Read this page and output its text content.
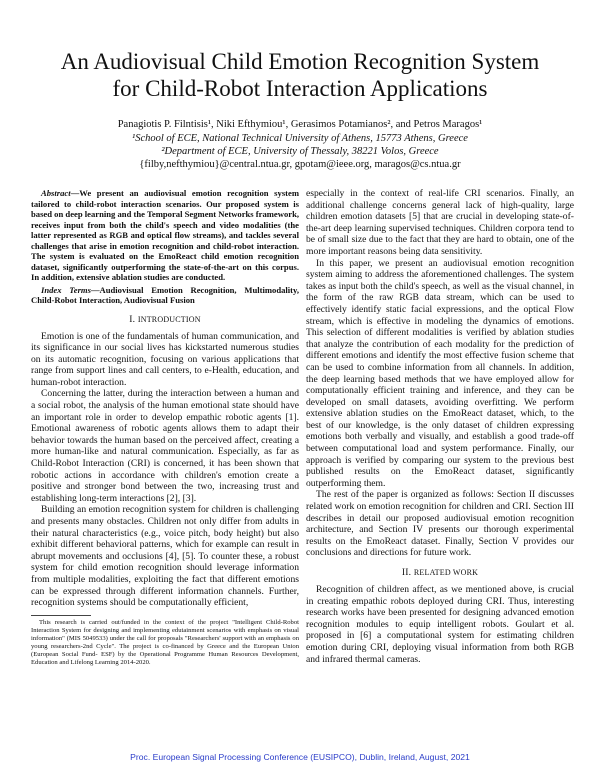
An Audiovisual Child Emotion Recognition System
for Child-Robot Interaction Applications
Panagiotis P. Filntisis¹, Niki Efthymiou¹, Gerasimos Potamianos², and Petros Maragos¹
¹School of ECE, National Technical University of Athens, 15773 Athens, Greece
²Department of ECE, University of Thessaly, 38221 Volos, Greece
{filby,nefthymiou}@central.ntua.gr, gpotam@ieee.org, maragos@cs.ntua.gr

Abstract—We present an audiovisual emotion recognition system tailored to child-robot interaction scenarios. Our proposed system is based on deep learning and the Temporal Segment Networks framework, receives input from both the child's speech and video modalities (the latter represented as RGB and optical flow streams), and tackles several challenges that arise in emotion recognition and child-robot interaction. The system is evaluated on the EmoReact child emotion recognition dataset, significantly outperforming the state-of-the-art on this corpus. In addition, extensive ablation studies are conducted.

Index Terms—Audiovisual Emotion Recognition, Multimodality, Child-Robot Interaction, Audiovisual Fusion

I. INTRODUCTION

Emotion is one of the fundamentals of human communication, and its significance in our social lives has kickstarted numerous studies on its automatic recognition, focusing on various applications that range from support lines and call centers, to e-Health, education, and human-robot interaction.

Concerning the latter, during the interaction between a human and a social robot, the analysis of the human emotional state should have an important role in order to develop empathic robotic agents [1]. Emotional awareness of robotic agents allows them to adapt their behavior towards the human based on the perceived affect, creating a more human-like and natural communication. Especially, as far as Child-Robot Interaction (CRI) is concerned, it has been shown that robotic actions in accordance with children's emotion create a positive and stronger bond between the two, increasing trust and establishing long-term interactions [2], [3].

Building an emotion recognition system for children is challenging and presents many obstacles. Children not only differ from adults in their natural characteristics (e.g., voice pitch, body height) but also exhibit different behavioral patterns, which for example can result in abrupt movements and occlusions [4], [5]. To counter these, a robust system for child emotion recognition should leverage information from multiple modalities, exploiting the fact that different emotions can be expressed through different information channels. Further, recognition systems should be computationally efficient,

This research is carried out/funded in the context of the project "Intelligent Child-Robot Interaction System for designing and implementing edutainment scenarios with emphasis on visual information" (MIS 5049533) under the call for proposals "Researchers' support with an emphasis on young researchers-2nd Cycle". The project is co-financed by Greece and the European Union (European Social Fund- ESF) by the Operational Programme Human Resources Development, Education and Lifelong Learning 2014-2020.

especially in the context of real-life CRI scenarios. Finally, an additional challenge concerns general lack of high-quality, large children emotion datasets [5] that are crucial in developing state-of-the-art deep learning supervised techniques. Children corpora tend to be of small size due to the fact that they are hard to obtain, one of the more important reasons being data sensitivity.

In this paper, we present an audiovisual emotion recognition system aiming to address the aforementioned challenges. The system takes as input both the child's speech, as well as the visual channel, in the form of the raw RGB data stream, which can be used to effectively identify static facial expressions, and the optical Flow stream, which is effective in modeling the dynamics of emotions. This selection of different modalities is verified by ablation studies that analyze the contribution of each modality for the prediction of different emotions and identify the most effective fusion scheme that can be used to combine information from all channels. In addition, the deep learning based methods that we have employed allow for computationally efficient training and inference, and they can be developed on small datasets, avoiding overfitting. We perform extensive ablation studies on the EmoReact dataset, which, to the best of our knowledge, is the only dataset of children expressing emotions both verbally and visually, and establish a good trade-off between computational load and system performance. Finally, our approach is verified by comparing our system to the previous best published results on the EmoReact dataset, significantly outperforming them.

The rest of the paper is organized as follows: Section II discusses related work on emotion recognition for children and CRI. Section III describes in detail our proposed audiovisual emotion recognition architecture, and Section IV presents our thorough experimental results on the EmoReact dataset. Finally, Section V provides our conclusions and directions for future work.

II. RELATED WORK

Recognition of children affect, as we mentioned above, is crucial in creating empathic robots deployed during CRI. Thus, interesting research works have been presented for designing advanced emotion recognition modules to equip intelligent robots. Goulart et al. proposed in [6] a computational system for estimating children emotion during CRI, deploying visual information from both RGB and infrared thermal cameras.

Proc. European Signal Processing Conference (EUSIPCO), Dublin, Ireland, August, 2021
